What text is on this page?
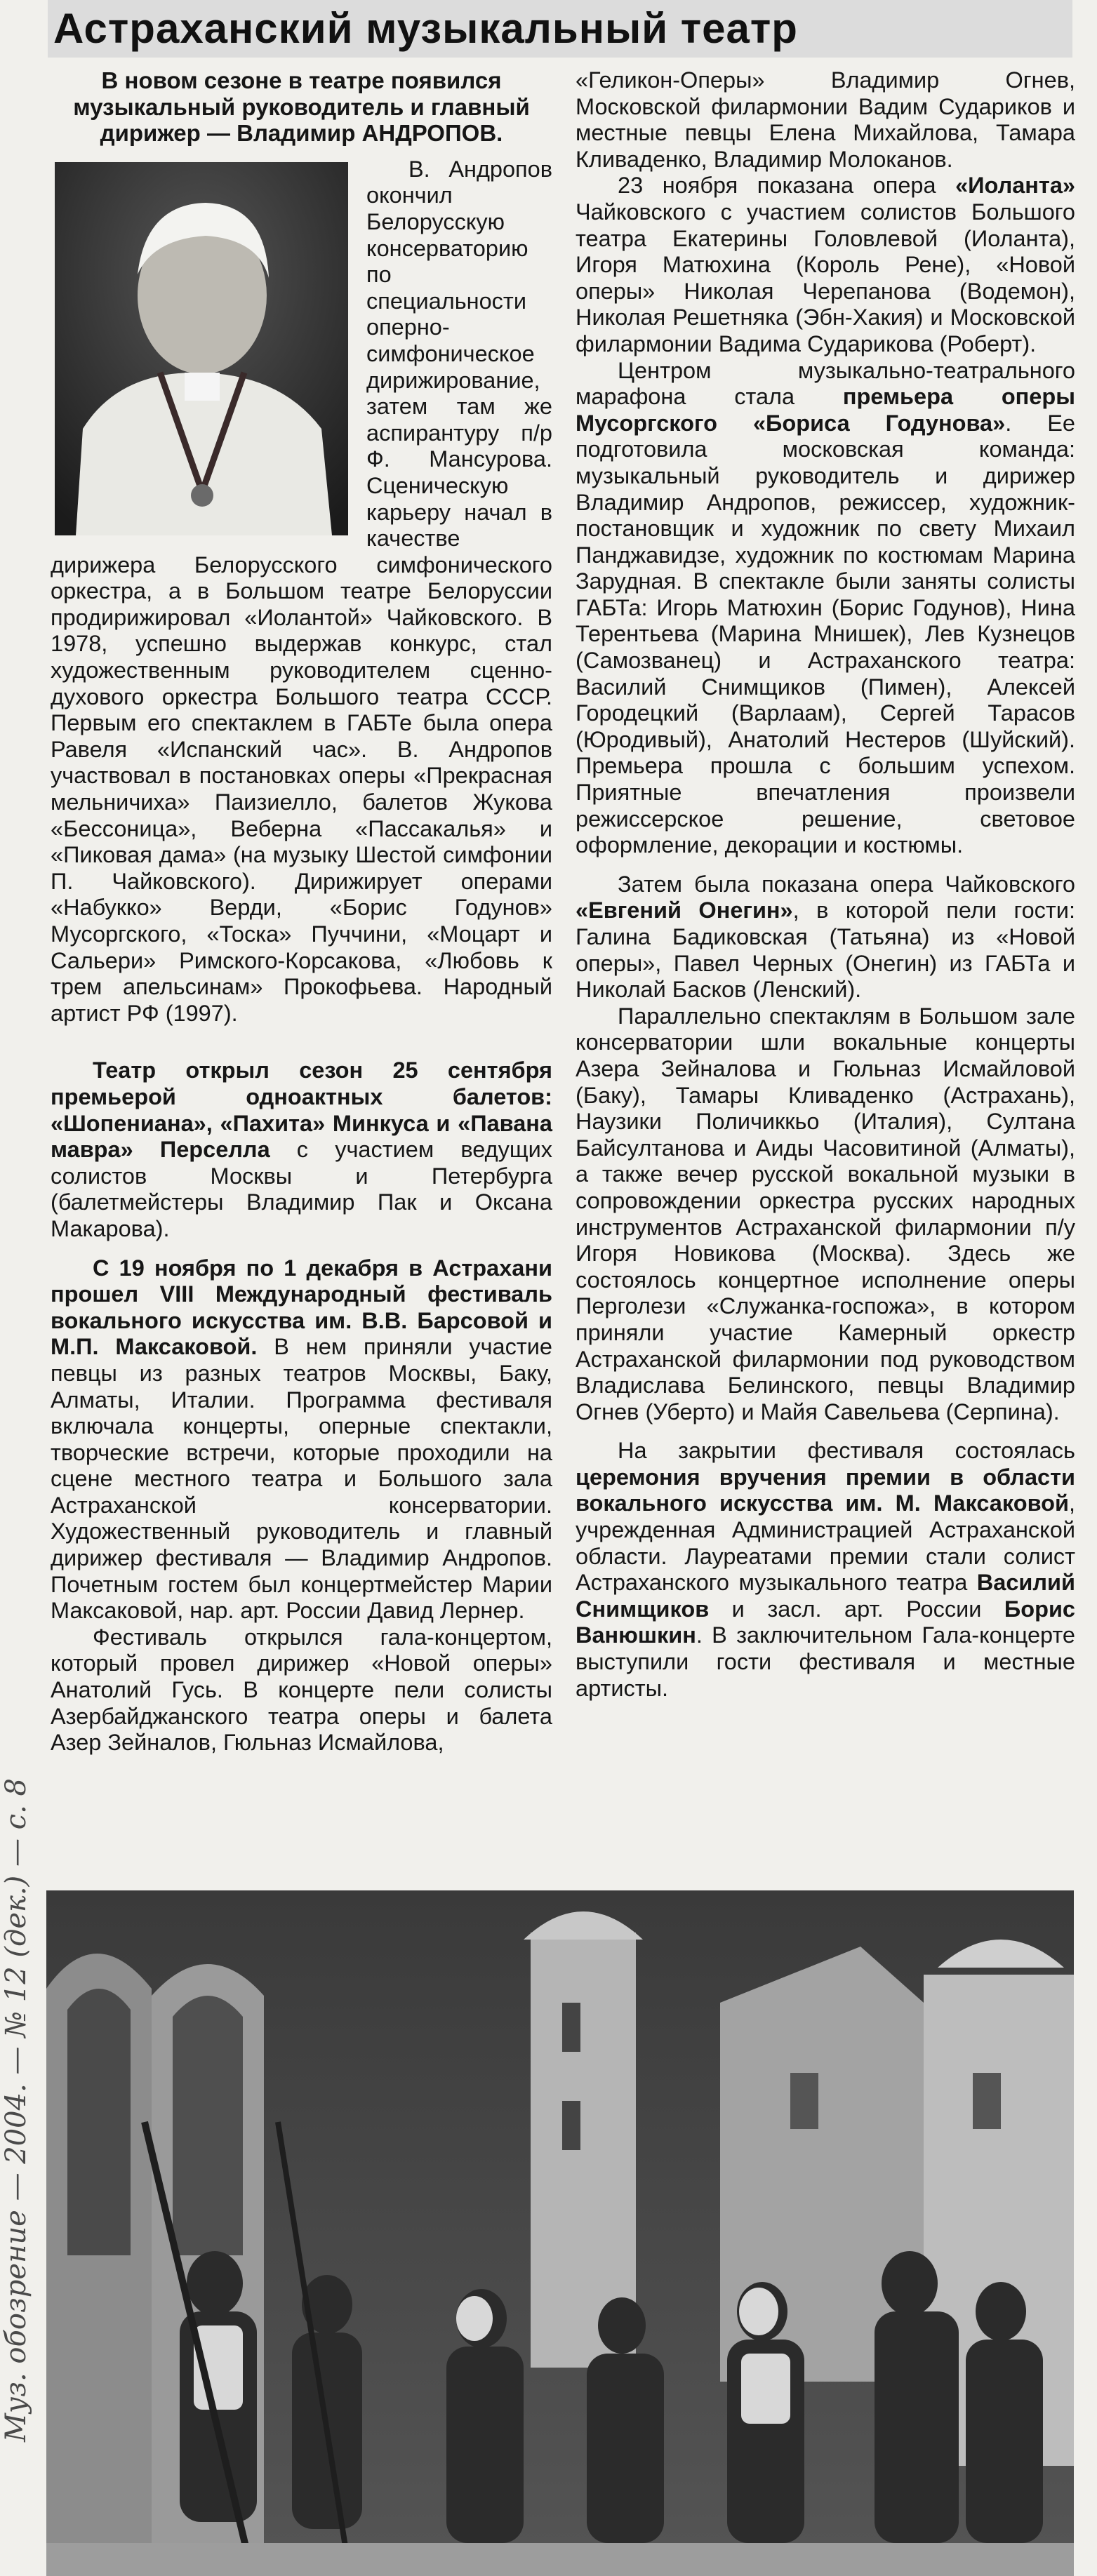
Астраханский музыкальный театр

В новом сезоне в театре появился музыкальный руководитель и главный дирижер — Владимир АНДРОПОВ.

В. Андропов окончил Белорусскую консерваторию по специальности оперно-симфоническое дирижирование, затем там же аспирантуру п/р Ф. Мансурова. Сценическую карьеру начал в качестве дирижера Белорусского симфонического оркестра, а в Большом театре Белоруссии продирижировал «Иолантой» Чайковского. В 1978, успешно выдержав конкурс, стал художественным руководителем сценно-духового оркестра Большого театра СССР. Первым его спектаклем в ГАБТе была опера Равеля «Испанский час». В. Андропов участвовал в постановках оперы «Прекрасная мельничиха» Паизиелло, балетов Жукова «Бессоница», Веберна «Пассакалья» и «Пиковая дама» (на музыку Шестой симфонии П. Чайковского). Дирижирует операми «Набукко» Верди, «Борис Годунов» Мусоргского, «Тоска» Пуччини, «Моцарт и Сальери» Римского-Корсакова, «Любовь к трем апельсинам» Прокофьева. Народный артист РФ (1997).

Театр открыл сезон 25 сентября премьерой одноактных балетов: «Шопениана», «Пахита» Минкуса и «Павана мавра» Перселла с участием ведущих солистов Москвы и Петербурга (балетмейстеры Владимир Пак и Оксана Макарова).

С 19 ноября по 1 декабря в Астрахани прошел VIII Международный фестиваль вокального искусства им. В.В. Барсовой и М.П. Максаковой. В нем приняли участие певцы из разных театров Москвы, Баку, Алматы, Италии. Программа фестиваля включала концерты, оперные спектакли, творческие встречи, которые проходили на сцене местного театра и Большого зала Астраханской консерватории. Художественный руководитель и главный дирижер фестиваля — Владимир Андропов. Почетным гостем был концертмейстер Марии Максаковой, нар. арт. России Давид Лернер.

Фестиваль открылся гала-концертом, который провел дирижер «Новой оперы» Анатолий Гусь. В концерте пели солисты Азербайджанского театра оперы и балета Азер Зейналов, Гюльназ Исмайлова,

«Геликон-Оперы» Владимир Огнев, Московской филармонии Вадим Судариков и местные певцы Елена Михайлова, Тамара Кливаденко, Владимир Молоканов.

23 ноября показана опера «Иоланта» Чайковского с участием солистов Большого театра Екатерины Головлевой (Иоланта), Игоря Матюхина (Король Рене), «Новой оперы» Николая Черепанова (Водемон), Николая Решетняка (Эбн-Хакия) и Московской филармонии Вадима Сударикова (Роберт).

Центром музыкально-театрального марафона стала премьера оперы Мусоргского «Бориса Годунова». Ее подготовила московская команда: музыкальный руководитель и дирижер Владимир Андропов, режиссер, художник-постановщик и художник по свету Михаил Панджавидзе, художник по костюмам Марина Зарудная. В спектакле были заняты солисты ГАБТа: Игорь Матюхин (Борис Годунов), Нина Терентьева (Марина Мнишек), Лев Кузнецов (Самозванец) и Астраханского театра: Василий Снимщиков (Пимен), Алексей Городецкий (Варлаам), Сергей Тарасов (Юродивый), Анатолий Нестеров (Шуйский). Премьера прошла с большим успехом. Приятные впечатления произвели режиссерское решение, световое оформление, декорации и костюмы.

Затем была показана опера Чайковского «Евгений Онегин», в которой пели гости: Галина Бадиковская (Татьяна) из «Новой оперы», Павел Черных (Онегин) из ГАБТа и Николай Басков (Ленский).

Параллельно спектаклям в Большом зале консерватории шли вокальные концерты Азера Зейналова и Гюльназ Исмайловой (Баку), Тамары Кливаденко (Астрахань), Наузики Поличиккьо (Италия), Султана Байсултанова и Аиды Часовитиной (Алматы), а также вечер русской вокальной музыки в сопровождении оркестра русских народных инструментов Астраханской филармонии п/у Игоря Новикова (Москва). Здесь же состоялось концертное исполнение оперы Перголези «Служанка-госпожа», в котором приняли участие Камерный оркестр Астраханской филармонии под руководством Владислава Белинского, певцы Владимир Огнев (Уберто) и Майя Савельева (Серпина).

На закрытии фестиваля состоялась церемония вручения премии в области вокального искусства им. М. Максаковой, учрежденная Администрацией Астраханской области. Лауреатами премии стали солист Астраханского музыкального театра Василий Снимщиков и засл. арт. России Борис Ванюшкин. В заключительном Гала-концерте выступили гости фестиваля и местные артисты.

Муз. обозрение — 2004. — № 12 (дек.) — с. 8
